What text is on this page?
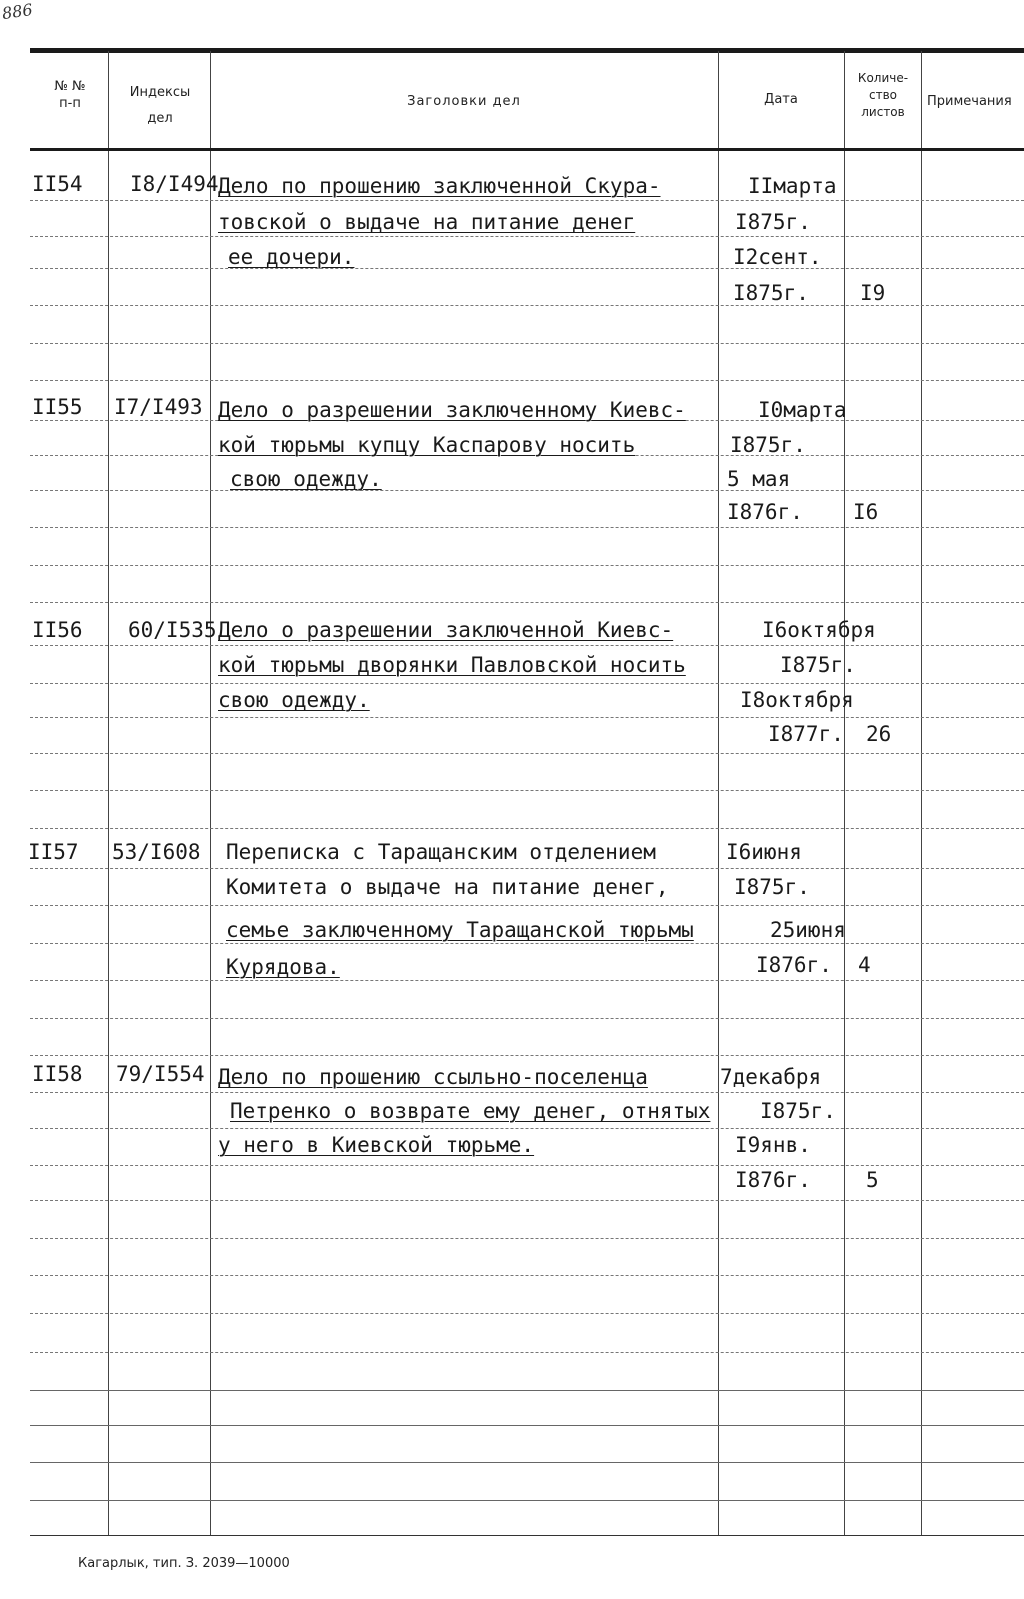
886
№ №
п-п
Индексы
дел
Заголовки дел	Дата
Количе-
ство
листов
Примечания
II54 I8/I494 Дело по прошению заключенной Скура-
товской о выдаче на питание денег
ее дочери.
IIмарта
I875г.
I2сент.
I875г. I9
II55 I7/I493 Дело о разрешении заключенному Киевс-
кой тюрьмы купцу Каспарову носить
свою одежду.
I0марта
I875г.
5 мая
I876г. I6
II56 60/I535 Дело о разрешении заключенной Киевс-
кой тюрьмы дворянки Павловской носить
свою одежду.
I6октября
I875г.
I8октября
I877г. 26
II57 53/I608 Переписка с Таращанским отделением
Комитета о выдаче на питание денег,
семье заключенному Таращанской тюрьмы
Курядова.
I6июня
I875г.
25июня
I876г. 4
II58 79/I554 Дело по прошению ссыльно-поселенца
Петренко о возврате ему денег, отнятых
у него в Киевской тюрьме.
7декабря
I875г.
I9янв.
I876г.	5
Кагарлык, тип. З. 2039—10000
